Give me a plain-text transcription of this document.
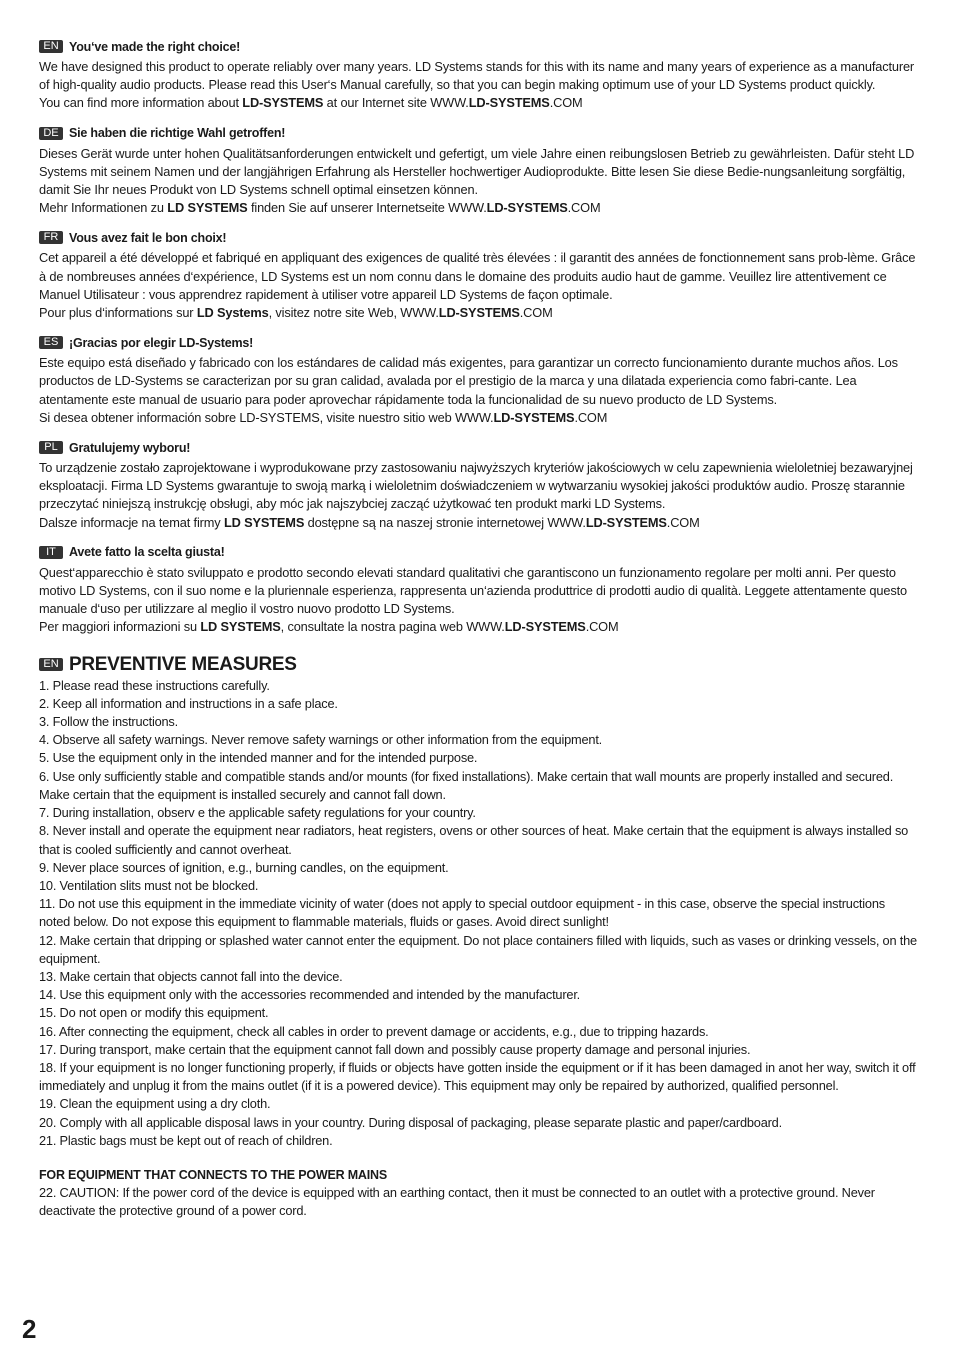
EN You‘ve made the right choice!

We have designed this product to operate reliably over many years. LD Systems stands for this with its name and many years of experience as a manufacturer of high-quality audio products. Please read this User‘s Manual carefully, so that you can begin making optimum use of your LD Systems product quickly.

You can find more information about LD-SYSTEMS at our Internet site WWW.LD-SYSTEMS.COM

DE Sie haben die richtige Wahl getroffen!

Dieses Gerät wurde unter hohen Qualitätsanforderungen entwickelt und gefertigt, um viele Jahre einen reibungslosen Betrieb zu gewährleisten. Dafür steht LD Systems mit seinem Namen und der langjährigen Erfahrung als Hersteller hochwertiger Audioprodukte. Bitte lesen Sie diese Bedie-nungsanleitung sorgfältig, damit Sie Ihr neues Produkt von LD Systems schnell optimal einsetzen können.

Mehr Informationen zu LD SYSTEMS finden Sie auf unserer Internetseite WWW.LD-SYSTEMS.COM

FR Vous avez fait le bon choix!

Cet appareil a été développé et fabriqué en appliquant des exigences de qualité très élevées : il garantit des années de fonctionnement sans prob-lème. Grâce à de nombreuses années d‘expérience, LD Systems est un nom connu dans le domaine des produits audio haut de gamme. Veuillez lire attentivement ce Manuel Utilisateur : vous apprendrez rapidement à utiliser votre appareil LD Systems de façon optimale.

Pour plus d‘informations sur LD Systems, visitez notre site Web, WWW.LD-SYSTEMS.COM

ES ¡Gracias por elegir LD-Systems!

Este equipo está diseñado y fabricado con los estándares de calidad más exigentes, para garantizar un correcto funcionamiento durante muchos años. Los productos de LD-Systems se caracterizan por su gran calidad, avalada por el prestigio de la marca y una dilatada experiencia como fabri-cante. Lea atentamente este manual de usuario para poder aprovechar rápidamente toda la funcionalidad de su nuevo producto de LD Systems.

Si desea obtener información sobre LD-SYSTEMS, visite nuestro sitio web WWW.LD-SYSTEMS.COM

PL Gratulujemy wyboru!

To urządzenie zostało zaprojektowane i wyprodukowane przy zastosowaniu najwyższych kryteriów jakościowych w celu zapewnienia wieloletniej bezawaryjnej eksploatacji. Firma LD Systems gwarantuje to swoją marką i wieloletnim doświadczeniem w wytwarzaniu wysokiej jakości produktów audio. Proszę starannie przeczytać niniejszą instrukcję obsługi, aby móc jak najszybciej zacząć użytkować ten produkt marki LD Systems.

Dalsze informacje na temat firmy LD SYSTEMS dostępne są na naszej stronie internetowej WWW.LD-SYSTEMS.COM

IT	Avete fatto la scelta giusta!

Quest‘apparecchio è stato sviluppato e prodotto secondo elevati standard qualitativi che garantiscono un funzionamento regolare per molti anni. Per questo motivo LD Systems, con il suo nome e la pluriennale esperienza, rappresenta un‘azienda produttrice di prodotti audio di qualità. Leggete attentamente questo manuale d‘uso per utilizzare al meglio il vostro nuovo prodotto LD Systems.

Per maggiori informazioni su LD SYSTEMS, consultate la nostra pagina web WWW.LD-SYSTEMS.COM

EN PREVENTIVE MEASURES

1. Please read these instructions carefully.

2. Keep all information and instructions in a safe place.

3. Follow the instructions.

4. Observe all safety warnings. Never remove safety warnings or other information from the equipment.

5. Use the equipment only in the intended manner and for the intended purpose.

6. Use only sufficiently stable and compatible stands and/or mounts (for fixed installations). Make certain that wall mounts are properly installed and secured. Make certain that the equipment is installed securely and cannot fall down.

7. During installation, observ e the applicable safety regulations for your country.

8. Never install and operate the equipment near radiators, heat registers, ovens or other sources of heat. Make certain that the equipment is always installed so that is cooled sufficiently and cannot overheat.

9. Never place sources of ignition, e.g., burning candles, on the equipment.

10. Ventilation slits must not be blocked.

11. Do not use this equipment in the immediate vicinity of water (does not apply to special outdoor equipment - in this case, observe the special instructions noted below. Do not expose this equipment to flammable materials, fluids or gases. Avoid direct sunlight!

12. Make certain that dripping or splashed water cannot enter the equipment. Do not place containers filled with liquids, such as vases or drinking vessels, on the equipment.

13. Make certain that objects cannot fall into the device.

14. Use this equipment only with the accessories recommended and intended by the manufacturer.

15. Do not open or modify this equipment.

16. After connecting the equipment, check all cables in order to prevent damage or accidents, e.g., due to tripping hazards.

17. During transport, make certain that the equipment cannot fall down and possibly cause property damage and personal injuries.

18. If your equipment is no longer functioning properly, if fluids or objects have gotten inside the equipment or if it has been damaged in anot her way, switch it off immediately and unplug it from the mains outlet (if it is a powered device). This equipment may only be repaired by authorized, qualified personnel.

19. Clean the equipment using a dry cloth.

20. Comply with all applicable disposal laws in your country. During disposal of packaging, please separate plastic and paper/cardboard.

21. Plastic bags must be kept out of reach of children.

FOR EQUIPMENT THAT CONNECTS TO THE POWER MAINS

22. CAUTION: If the power cord of the device is equipped with an earthing contact, then it must be connected to an outlet with a protective ground. Never deactivate the protective ground of a power cord.

2
